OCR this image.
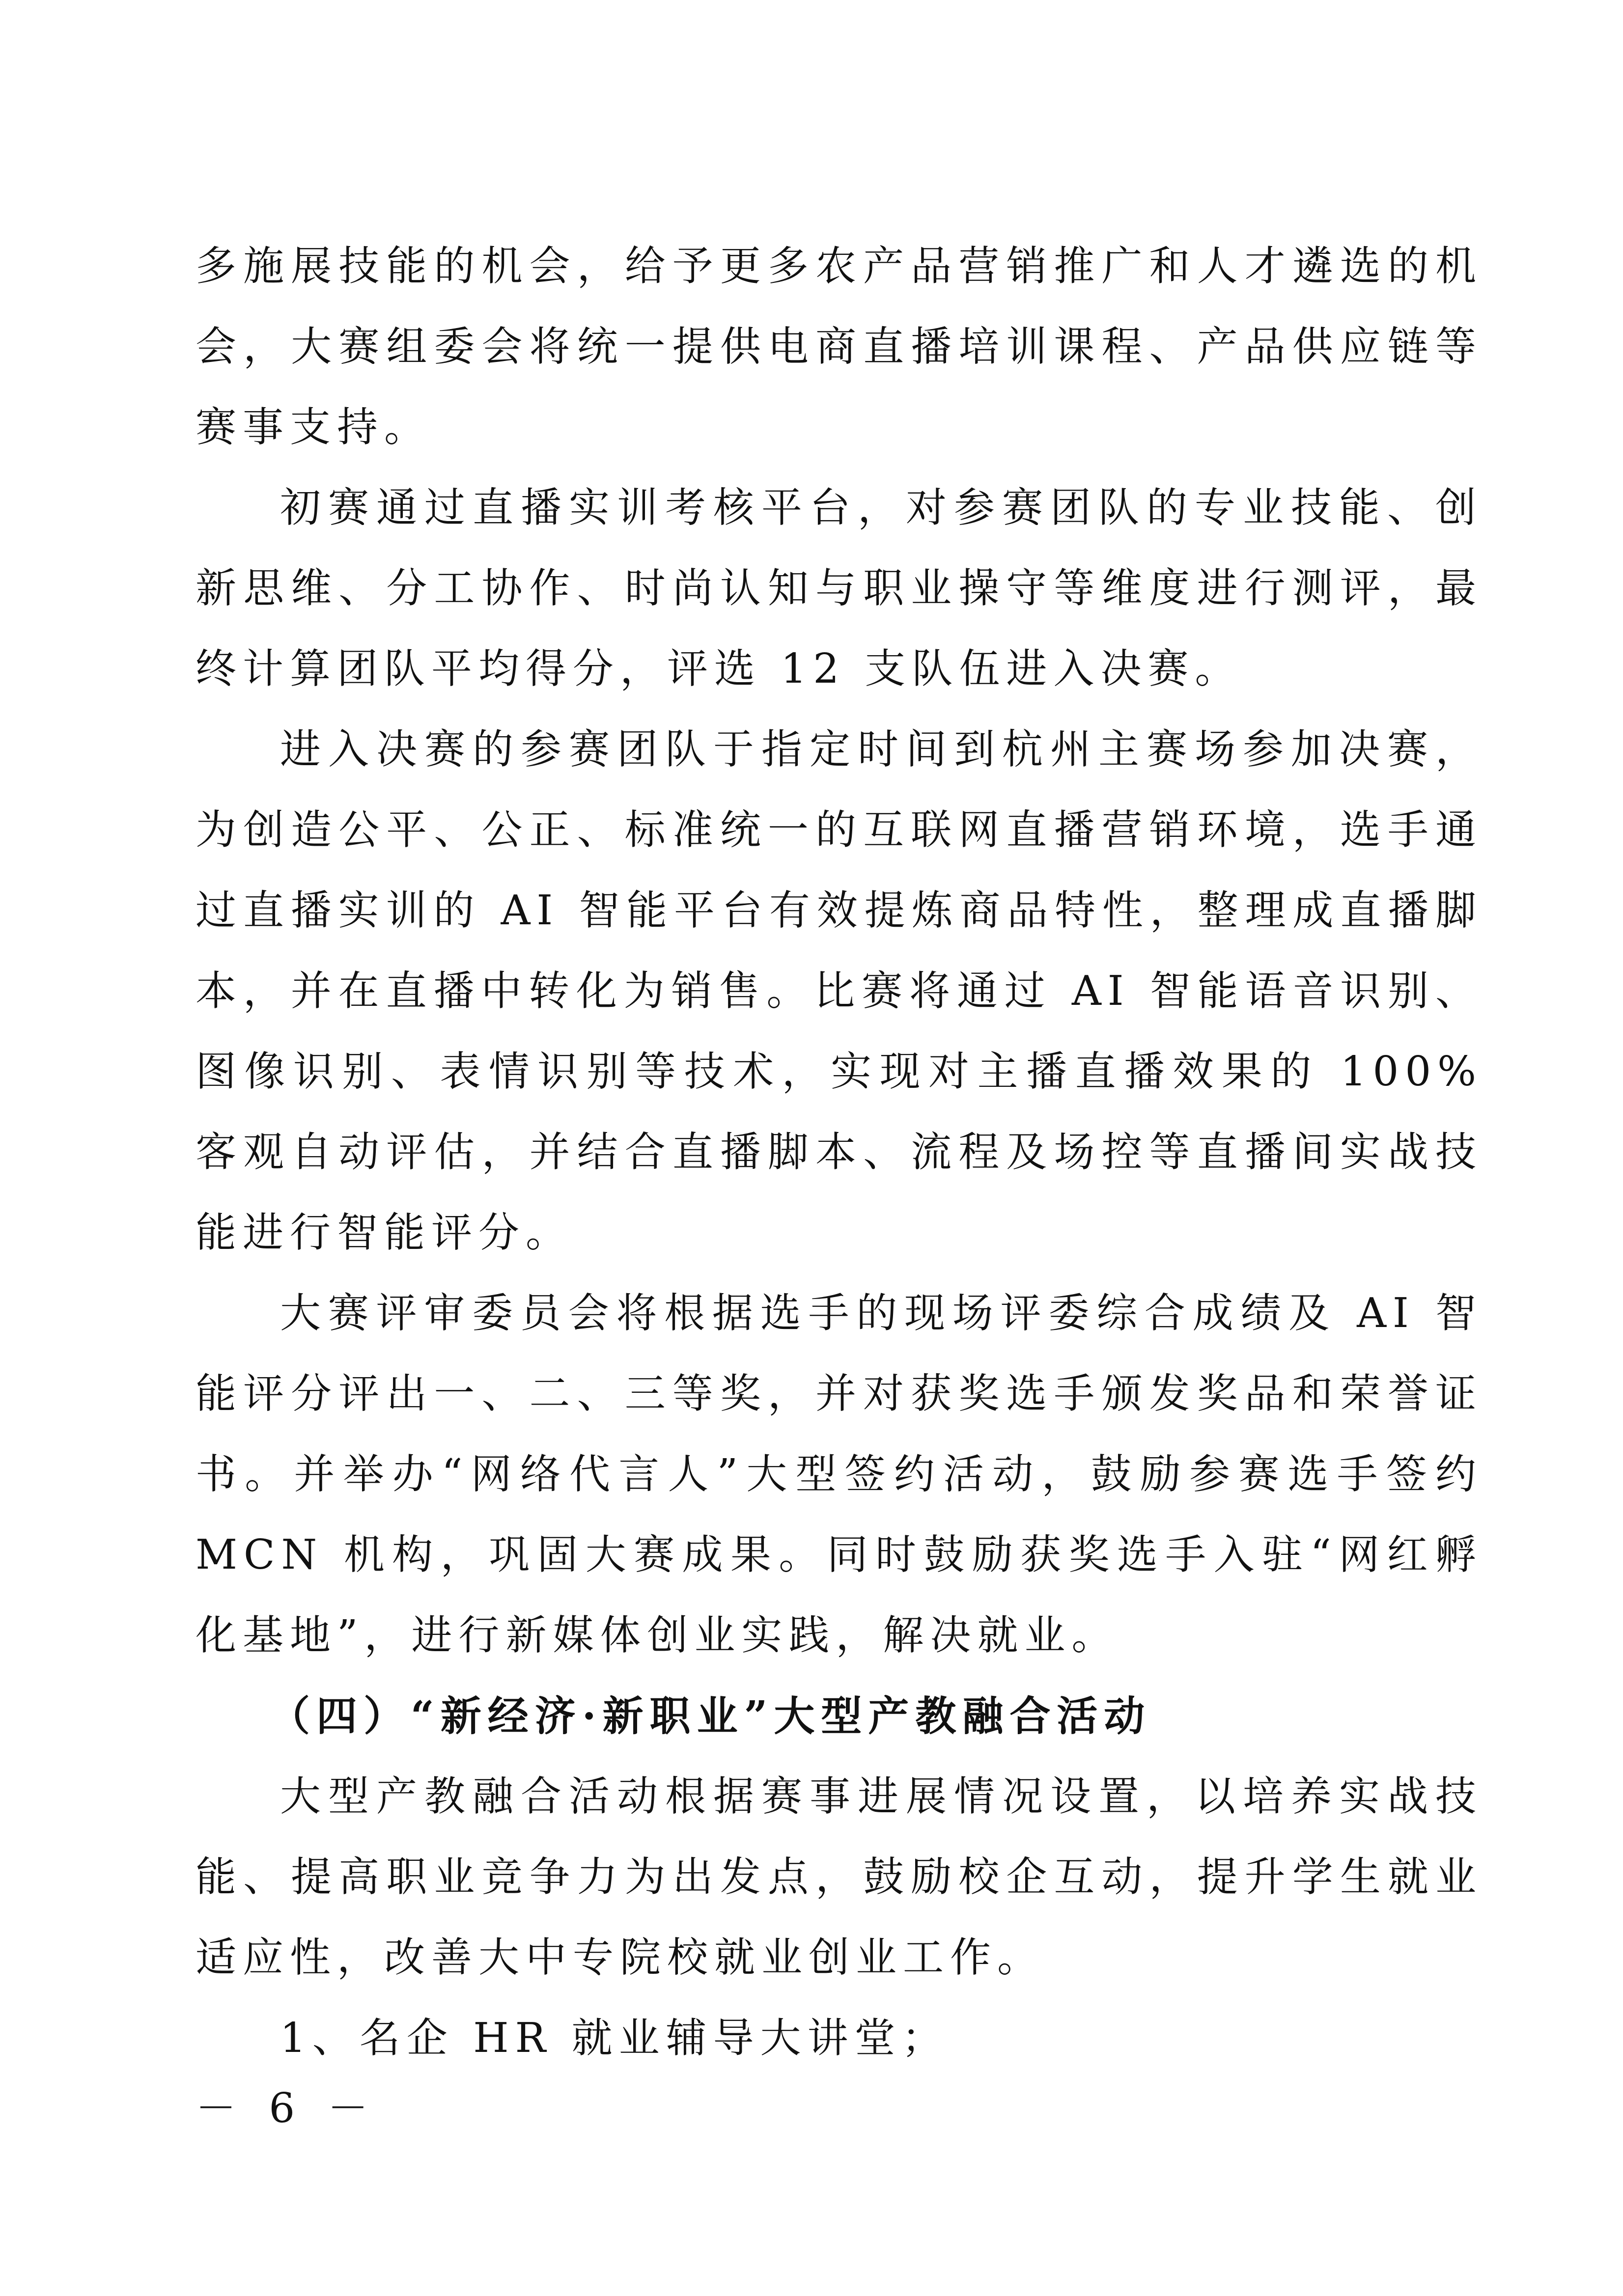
多施展技能的机会，给予更多农产品营销推广和人才遴选的机会，大赛组委会将统一提供电商直播培训课程、产品供应链等赛事支持。

初赛通过直播实训考核平台，对参赛团队的专业技能、创新思维、分工协作、时尚认知与职业操守等维度进行测评，最终计算团队平均得分，评选 12 支队伍进入决赛。

进入决赛的参赛团队于指定时间到杭州主赛场参加决赛，为创造公平、公正、标准统一的互联网直播营销环境，选手通过直播实训的 AI 智能平台有效提炼商品特性，整理成直播脚本，并在直播中转化为销售。比赛将通过 AI 智能语音识别、图像识别、表情识别等技术，实现对主播直播效果的 100%客观自动评估，并结合直播脚本、流程及场控等直播间实战技能进行智能评分。

大赛评审委员会将根据选手的现场评委综合成绩及 AI 智能评分评出一、二、三等奖，并对获奖选手颁发奖品和荣誉证书。并举办“网络代言人”大型签约活动，鼓励参赛选手签约 MCN 机构，巩固大赛成果。同时鼓励获奖选手入驻“网红孵化基地”，进行新媒体创业实践，解决就业。

（四）“新经济·新职业”大型产教融合活动

大型产教融合活动根据赛事进展情况设置，以培养实战技能、提高职业竞争力为出发点，鼓励校企互动，提升学生就业适应性，改善大中专院校就业创业工作。

1、名企 HR 就业辅导大讲堂；

－ 6 －
